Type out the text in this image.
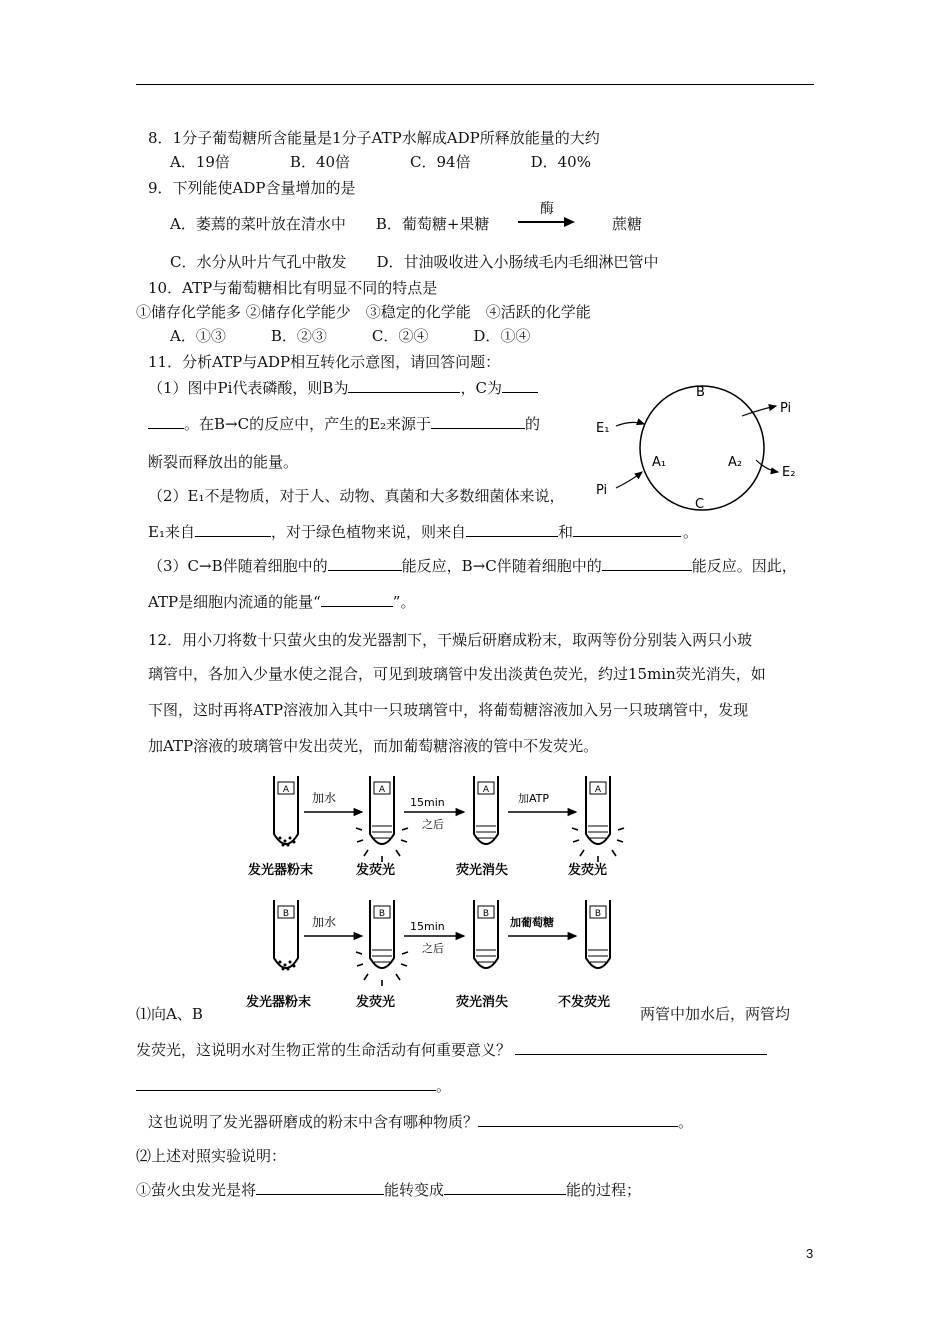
8．1分子葡萄糖所含能量是1分子ATP水解成ADP所释放能量的大约
A．19倍　　　　B．40倍　　　　C．94倍　　　　D．40%
9．下列能使ADP含量增加的是
A．萎蔫的菜叶放在清水中　　B．葡萄糖+果糖
酶
蔗糖
C．水分从叶片气孔中散发　　D．甘油吸收进入小肠绒毛内毛细淋巴管中
10．ATP与葡萄糖相比有明显不同的特点是
①储存化学能多 ②储存化学能少　③稳定的化学能　④活跃的化学能
A．①③　　　B．②③　　　C．②④　　　D．①④
11．分析ATP与ADP相互转化示意图，请回答问题：
（1）图中Pi代表磷酸，则B为	，C为
。在B→C的反应中，产生的E₂来源于	的
断裂而释放出的能量。
（2）E₁不是物质，对于人、动物、真菌和大多数细菌体来说，
E₁来自	，对于绿色植物来说，则来自	和	。
（3）C→B伴随着细胞中的	能反应，B→C伴随着细胞中的	能反应。因此，
ATP是细胞内流通的能量“	”。
B
C
A₁	A₂
E₁
E₂
Pi
Pi
12．用小刀将数十只萤火虫的发光器割下，干燥后研磨成粉末，取两等份分别装入两只小玻
璃管中，各加入少量水使之混合，可见到玻璃管中发出淡黄色荧光，约过15min荧光消失，如
下图，这时再将ATP溶液加入其中一只玻璃管中，将葡萄糖溶液加入另一只玻璃管中，发现
加ATP溶液的玻璃管中发出荧光，而加葡萄糖溶液的管中不发荧光。
A	A	A	A
加水	15min
之后
加ATP
发光器粉末	发荧光	荧光消失	发荧光
B	B	B	B
加水	15min
之后
加葡萄糖
发光器粉末	发荧光	荧光消失	不发荧光
⑴向A、B	两管中加水后，两管均
发荧光，这说明水对生物正常的生命活动有何重要意义？
。
这也说明了发光器研磨成的粉末中含有哪种物质？	。
⑵上述对照实验说明：
①萤火虫发光是将	能转变成	能的过程；
3
